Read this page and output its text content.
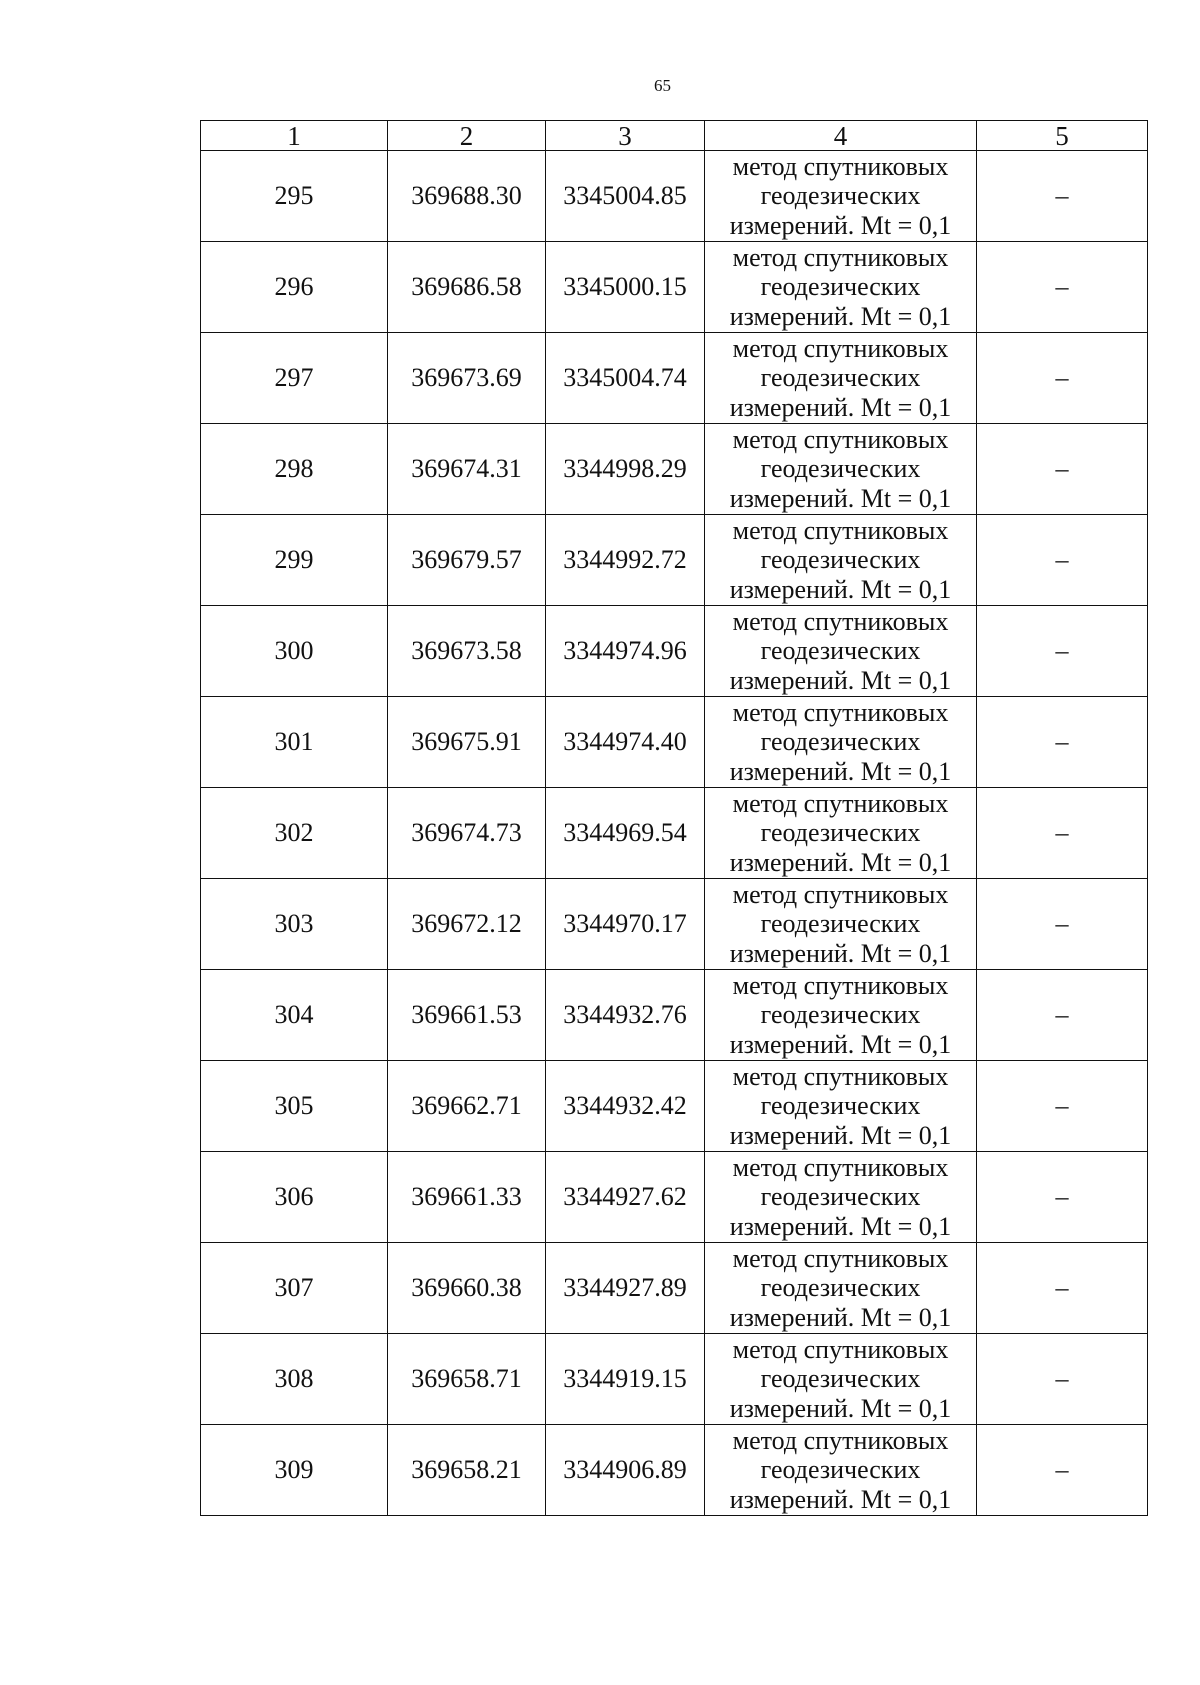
65
1	2	3	4	5
295	369688.30	3345004.85	метод спутниковых
геодезических
измерений. Mt = 0,1	–
296	369686.58	3345000.15	метод спутниковых
геодезических
измерений. Mt = 0,1	–
297	369673.69	3345004.74	метод спутниковых
геодезических
измерений. Mt = 0,1	–
298	369674.31	3344998.29	метод спутниковых
геодезических
измерений. Mt = 0,1	–
299	369679.57	3344992.72	метод спутниковых
геодезических
измерений. Mt = 0,1	–
300	369673.58	3344974.96	метод спутниковых
геодезических
измерений. Mt = 0,1	–
301	369675.91	3344974.40	метод спутниковых
геодезических
измерений. Mt = 0,1	–
302	369674.73	3344969.54	метод спутниковых
геодезических
измерений. Mt = 0,1	–
303	369672.12	3344970.17	метод спутниковых
геодезических
измерений. Mt = 0,1	–
304	369661.53	3344932.76	метод спутниковых
геодезических
измерений. Mt = 0,1	–
305	369662.71	3344932.42	метод спутниковых
геодезических
измерений. Mt = 0,1	–
306	369661.33	3344927.62	метод спутниковых
геодезических
измерений. Mt = 0,1	–
307	369660.38	3344927.89	метод спутниковых
геодезических
измерений. Mt = 0,1	–
308	369658.71	3344919.15	метод спутниковых
геодезических
измерений. Mt = 0,1	–
309	369658.21	3344906.89	метод спутниковых
геодезических
измерений. Mt = 0,1	–
